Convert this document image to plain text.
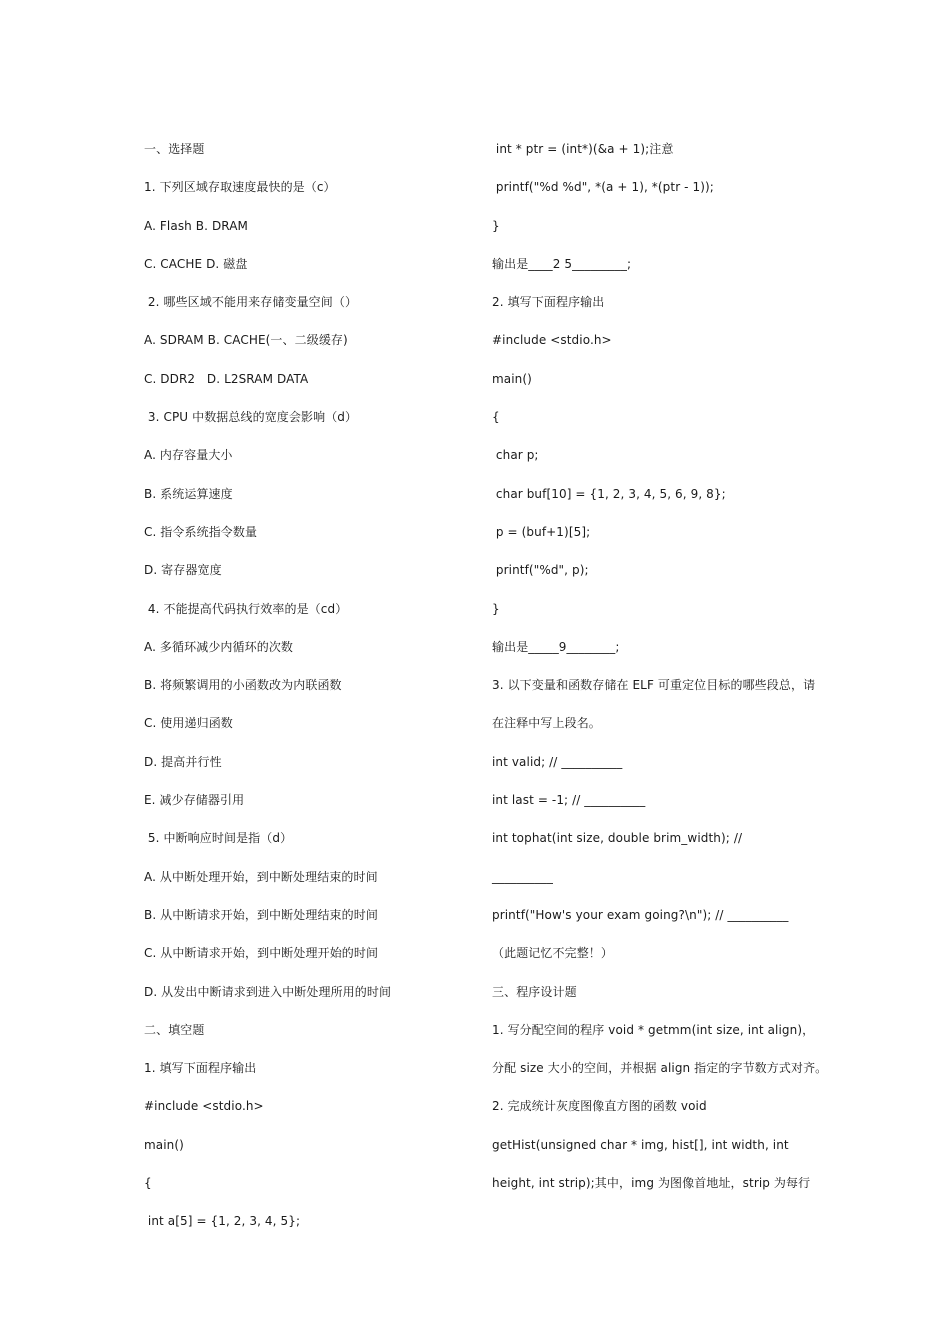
一、选择题
1. 下列区域存取速度最快的是（c）
A. Flash B. DRAM
C. CACHE D. 磁盘
2. 哪些区域不能用来存储变量空间（）
A. SDRAM B. CACHE(一、二级缓存)
C. DDR2   D. L2SRAM DATA
3. CPU 中数据总线的宽度会影响（d）
A. 内存容量大小
B. 系统运算速度
C. 指令系统指令数量
D. 寄存器宽度
4. 不能提高代码执行效率的是（cd）
A. 多循环减少内循环的次数
B. 将频繁调用的小函数改为内联函数
C. 使用递归函数
D. 提高并行性
E. 减少存储器引用
5. 中断响应时间是指（d）
A. 从中断处理开始，到中断处理结束的时间
B. 从中断请求开始，到中断处理结束的时间
C. 从中断请求开始，到中断处理开始的时间
D. 从发出中断请求到进入中断处理所用的时间
二、填空题
1. 填写下面程序输出
#include <stdio.h>
main()
{
int a[5] = {1, 2, 3, 4, 5};
int * ptr = (int*)(&a + 1);注意
printf("%d %d", *(a + 1), *(ptr - 1));
}
输出是____2 5_________;
2. 填写下面程序输出
#include <stdio.h>
main()
{
char p;
char buf[10] = {1, 2, 3, 4, 5, 6, 9, 8};
p = (buf+1)[5];
printf("%d", p);
}
输出是_____9________;
3. 以下变量和函数存储在 ELF 可重定位目标的哪些段总，请
在注释中写上段名。
int valid; // __________
int last = -1; // __________
int tophat(int size, double brim_width); //
__________
printf("How's your exam going?\n"); // __________
（此题记忆不完整！）
三、程序设计题
1. 写分配空间的程序 void * getmm(int size, int align)，
分配 size 大小的空间，并根据 align 指定的字节数方式对齐。
2. 完成统计灰度图像直方图的函数 void
getHist(unsigned char * img, hist[], int width, int
height, int strip);其中，img 为图像首地址，strip 为每行
